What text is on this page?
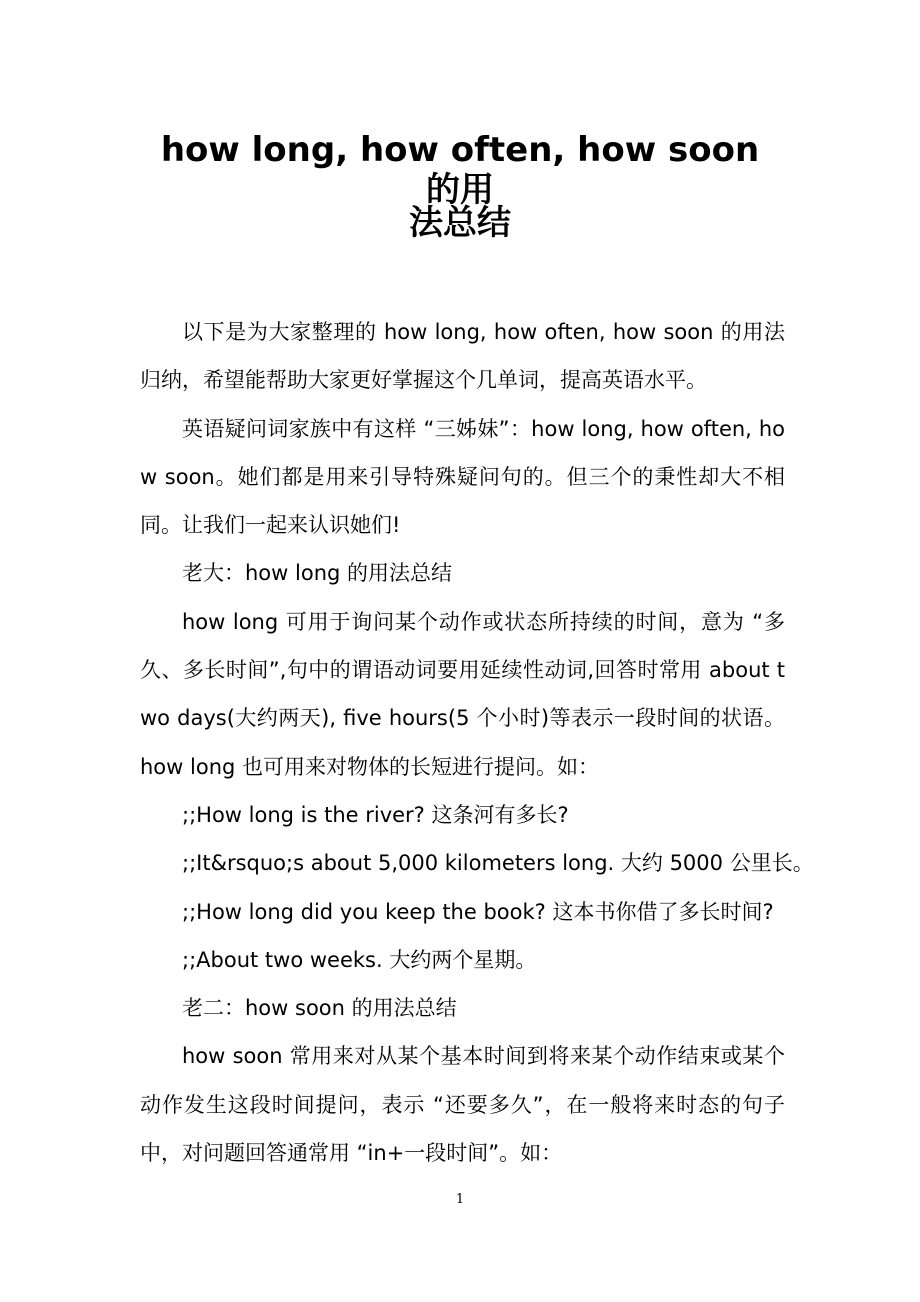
how long, how often, how soon 的用
法总结

以下是为大家整理的 how long, how often, how soon 的用法归纳，希望能帮助大家更好掌握这个几单词，提高英语水平。

英语疑问词家族中有这样 “三姊妹”：how long, how often, how soon。她们都是用来引导特殊疑问句的。但三个的秉性却大不相同。让我们一起来认识她们!

老大：how long 的用法总结

how long 可用于询问某个动作或状态所持续的时间，意为 “多久、多长时间”,句中的谓语动词要用延续性动词,回答时常用 about two days(大约两天), five hours(5 个小时)等表示一段时间的状语。how long 也可用来对物体的长短进行提问。如：

;;How long is the river? 这条河有多长?

;;It&rsquo;s about 5,000 kilometers long. 大约 5000 公里长。

;;How long did you keep the book? 这本书你借了多长时间?

;;About two weeks. 大约两个星期。

老二：how soon 的用法总结

how soon 常用来对从某个基本时间到将来某个动作结束或某个动作发生这段时间提问，表示 “还要多久”，在一般将来时态的句子中，对问题回答通常用 “in+一段时间”。如：

1
